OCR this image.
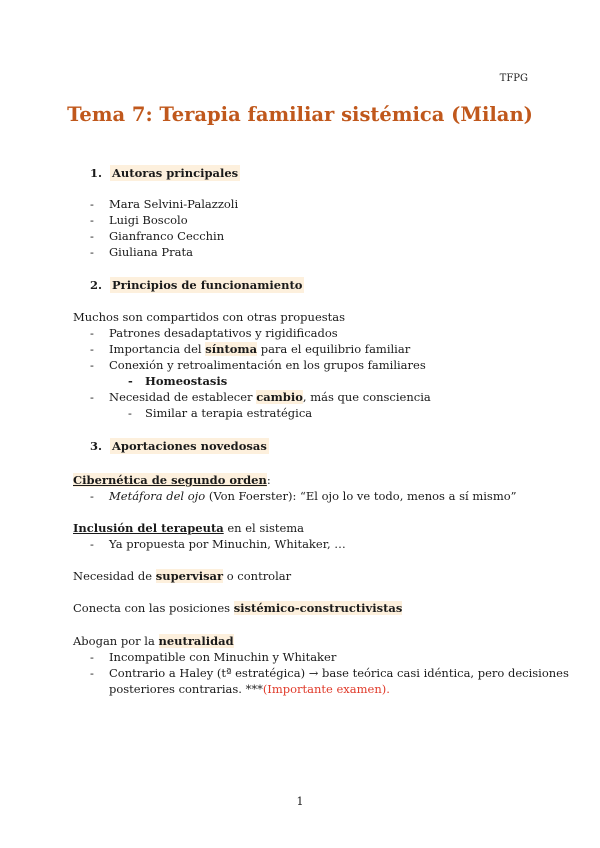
TFPG
Tema 7: Terapia familiar sistémica (Milan)
1. Autoras principales
- Mara Selvini-Palazzoli
- Luigi Boscolo
- Gianfranco Cecchin
- Giuliana Prata
2. Principios de funcionamiento
Muchos son compartidos con otras propuestas
- Patrones desadaptativos y rigidificados
- Importancia del síntoma para el equilibrio familiar
- Conexión y retroalimentación en los grupos familiares
- Homeostasis
- Necesidad de establecer cambio, más que consciencia
- Similar a terapia estratégica
3. Aportaciones novedosas
Cibernética de segundo orden:
- Metáfora del ojo (Von Foerster): “El ojo lo ve todo, menos a sí mismo”
Inclusión del terapeuta en el sistema
- Ya propuesta por Minuchin, Whitaker, …
Necesidad de supervisar o controlar
Conecta con las posiciones sistémico-constructivistas
Abogan por la neutralidad
- Incompatible con Minuchin y Whitaker
- Contrario a Haley (tª estratégica) → base teórica casi idéntica, pero decisiones
posteriores contrarias. ***(Importante examen).
1
